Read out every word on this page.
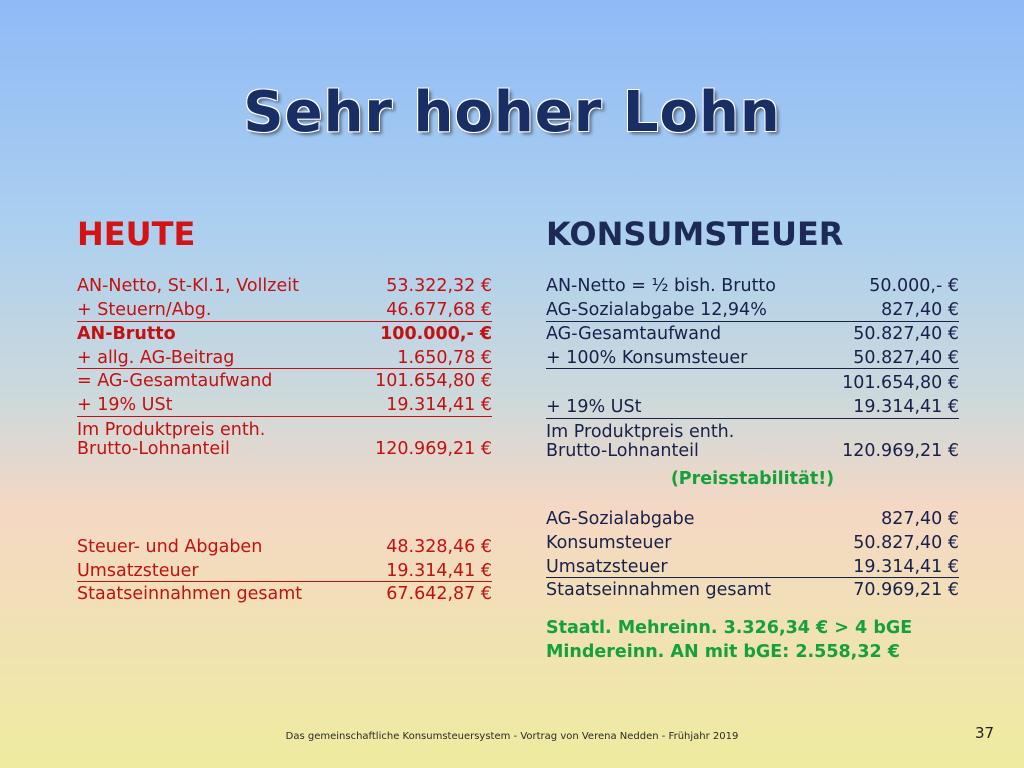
Sehr hoher Lohn
HEUTE	KONSUMSTEUER
AN-Netto, St-Kl.1, Vollzeit	53.322,32 €
+ Steuern/Abg.	46.677,68 €
AN-Brutto	100.000,- €
+ allg. AG-Beitrag	1.650,78 €
= AG-Gesamtaufwand	101.654,80 €
+ 19% USt	19.314,41 €
Im Produktpreis enth.
Brutto-Lohnanteil	120.969,21 €
Steuer- und Abgaben	48.328,46 €
Umsatzsteuer	19.314,41 €
Staatseinnahmen gesamt	67.642,87 €
AN-Netto = ½ bish. Brutto	50.000,- €
AG-Sozialabgabe 12,94%	827,40 €
AG-Gesamtaufwand	50.827,40 €
+ 100% Konsumsteuer	50.827,40 €
101.654,80 €
+ 19% USt	19.314,41 €
Im Produktpreis enth.
Brutto-Lohnanteil	120.969,21 €
(Preisstabilität!)
AG-Sozialabgabe	827,40 €
Konsumsteuer	50.827,40 €
Umsatzsteuer	19.314,41 €
Staatseinnahmen gesamt	70.969,21 €
Staatl. Mehreinn. 3.326,34 € > 4 bGE
Mindereinn. AN mit bGE: 2.558,32 €
Das gemeinschaftliche Konsumsteuersystem - Vortrag von Verena Nedden - Frühjahr 2019	37
